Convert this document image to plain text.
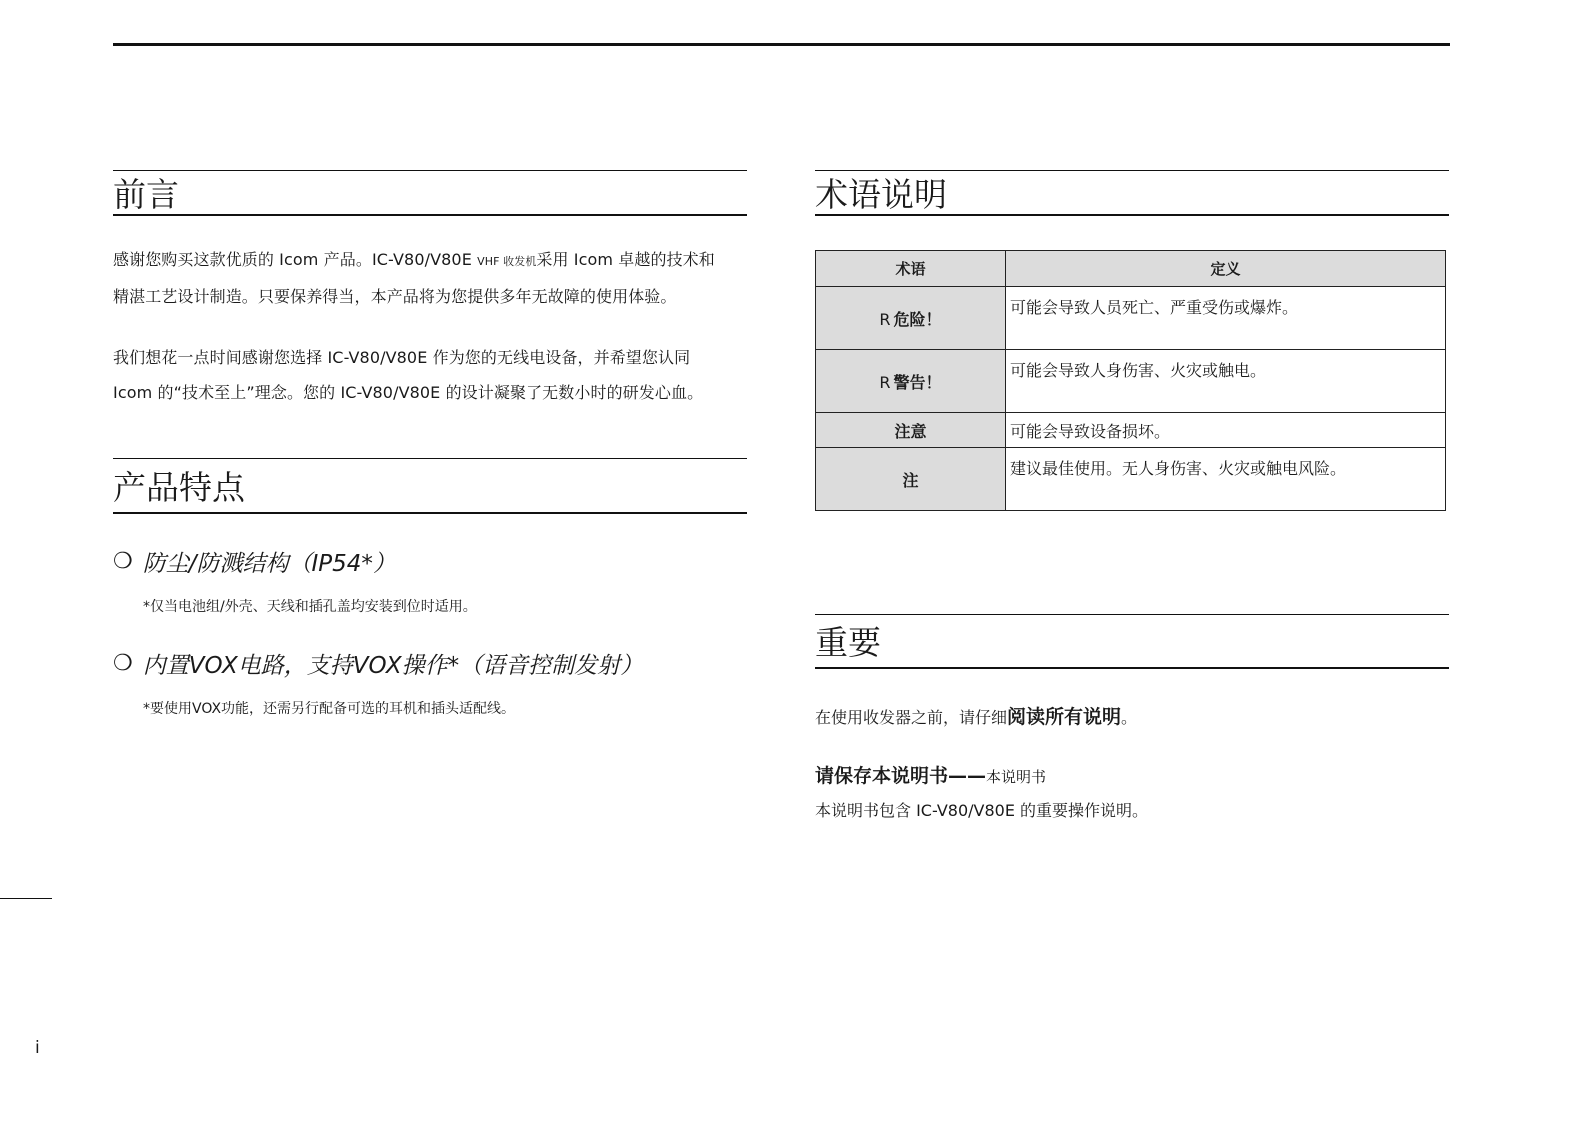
i
前言
感谢您购买这款优质的 Icom 产品。IC-V80/V80E VHF 收发机采用 Icom 卓越的技术和
精湛工艺设计制造。只要保养得当，本产品将为您提供多年无故障的使用体验。
我们想花一点时间感谢您选择 IC-V80/V80E 作为您的无线电设备，并希望您认同
Icom 的“技术至上”理念。您的 IC-V80/V80E 的设计凝聚了无数小时的研发心血。
产品特点
❍ 防尘/防溅结构（IP54*）
*仅当电池组/外壳、天线和插孔盖均安装到位时适用。
❍ 内置VOX电路，支持VOX操作*（语音控制发射）
*要使用VOX功能，还需另行配备可选的耳机和插头适配线。
术语说明
术语	定义
R 危险！	可能会导致人员死亡、严重受伤或爆炸。
R 警告！	可能会导致人身伤害、火灾或触电。
注意	可能会导致设备损坏。
注	建议最佳使用。无人身伤害、火灾或触电风险。
重要
在使用收发器之前，请仔细阅读所有说明。
请保存本说明书——本说明书
本说明书包含 IC-V80/V80E 的重要操作说明。
